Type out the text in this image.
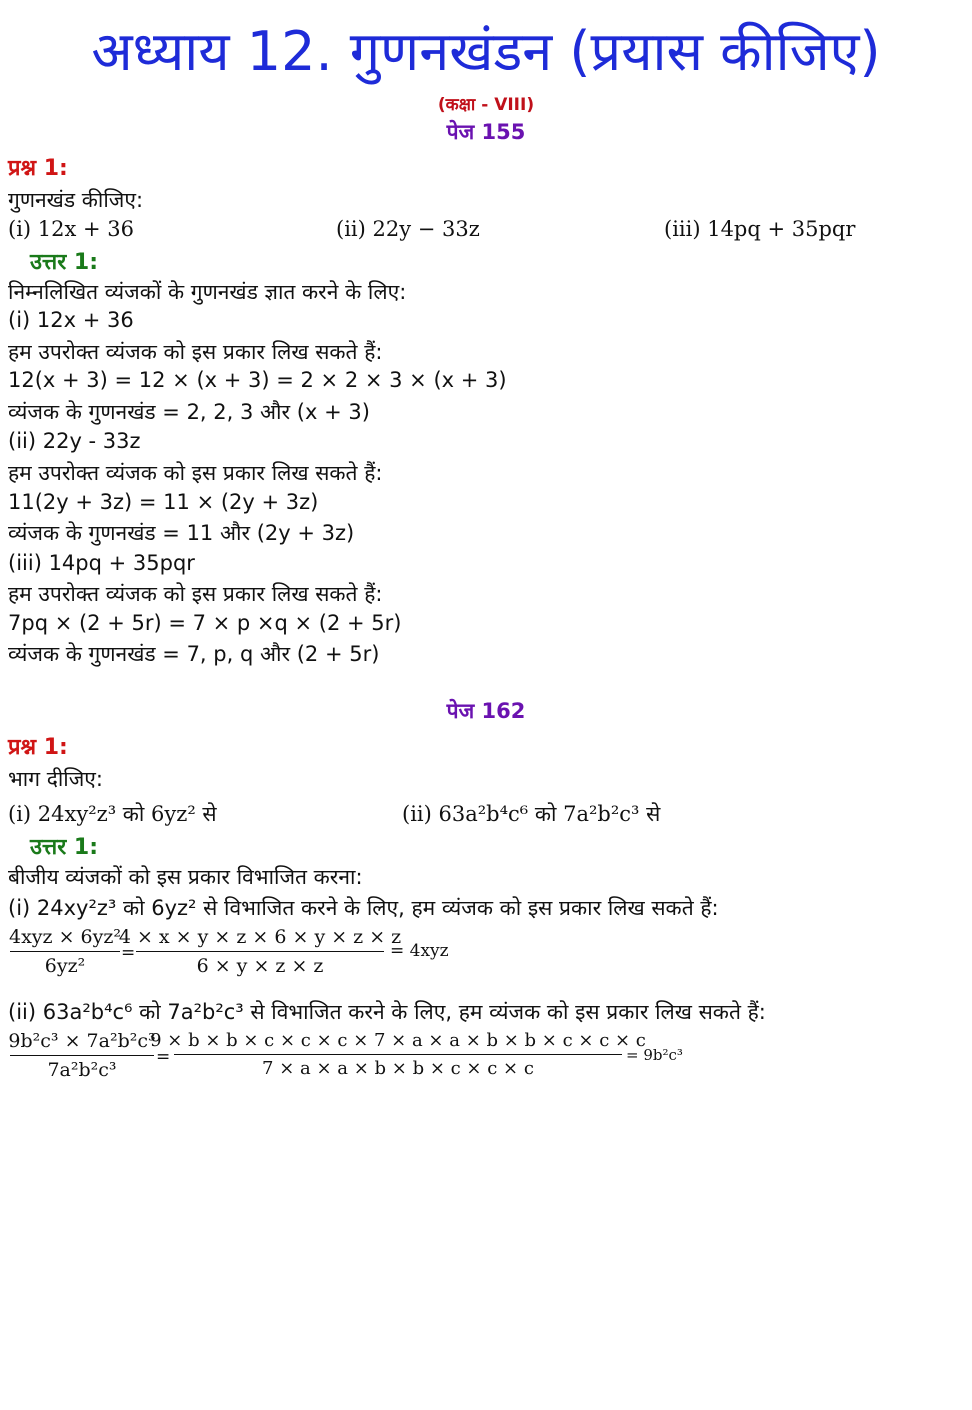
अध्याय 12. गुणनखंडन (प्रयास कीजिए)
(कक्षा - VIII)
पेज 155
प्रश्न 1:
गुणनखंड कीजिए:
(i) 12x + 36	(ii) 22y − 33z	(iii) 14pq + 35pqr
उत्तर 1:
निम्नलिखित व्यंजकों के गुणनखंड ज्ञात करने के लिए:
(i) 12x + 36
हम उपरोक्त व्यंजक को इस प्रकार लिख सकते हैं:
12(x + 3) = 12 × (x + 3) = 2 × 2 × 3 × (x + 3)
व्यंजक के गुणनखंड = 2, 2, 3 और (x + 3)
(ii) 22y - 33z
हम उपरोक्त व्यंजक को इस प्रकार लिख सकते हैं:
11(2y + 3z) = 11 × (2y + 3z)
व्यंजक के गुणनखंड = 11 और (2y + 3z)
(iii) 14pq + 35pqr
हम उपरोक्त व्यंजक को इस प्रकार लिख सकते हैं:
7pq × (2 + 5r) = 7 × p ×q × (2 + 5r)
व्यंजक के गुणनखंड = 7, p, q और (2 + 5r)
पेज 162
प्रश्न 1:
भाग दीजिए:
(i) 24xy²z³ को 6yz² से	(ii) 63a²b⁴c⁶ को 7a²b²c³ से
उत्तर 1:
बीजीय व्यंजकों को इस प्रकार विभाजित करना:
(i) 24xy²z³ को 6yz² से विभाजित करने के लिए, हम व्यंजक को इस प्रकार लिख सकते हैं:
4xyz × 6yz²
6yz²
=
4 × x × y × z × 6 × y × z × z
6 × y × z × z
= 4xyz
(ii) 63a²b⁴c⁶ को 7a²b²c³ से विभाजित करने के लिए, हम व्यंजक को इस प्रकार लिख सकते हैं:
9b²c³ × 7a²b²c³
7a²b²c³
=
9 × b × b × c × c × c × 7 × a × a × b × b × c × c × c
7 × a × a × b × b × c × c × c
= 9b²c³
